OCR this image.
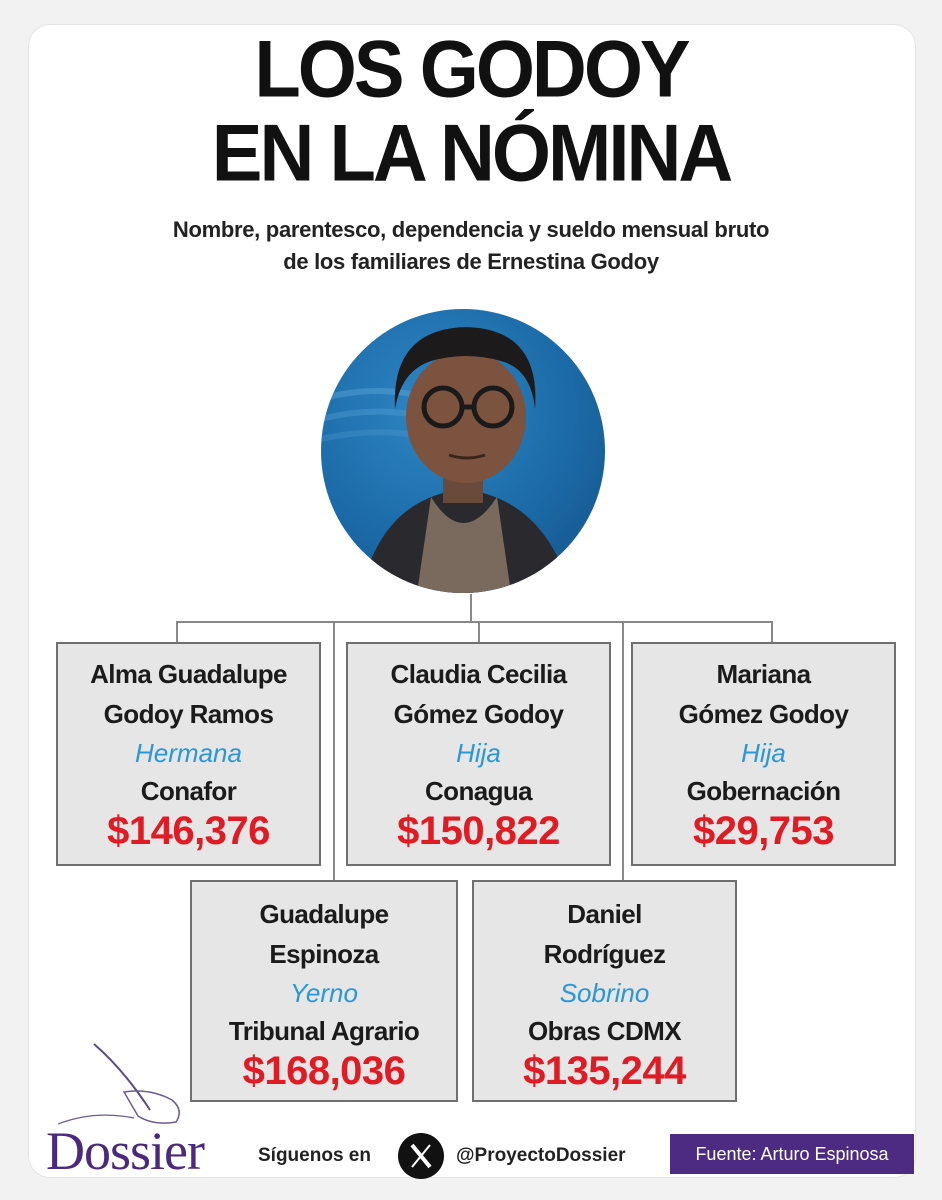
LOS GODOY
EN LA NÓMINA
Nombre, parentesco, dependencia y sueldo mensual bruto
de los familiares de Ernestina Godoy
Alma Guadalupe
Godoy Ramos
Hermana
Conafor
$146,376
Claudia Cecilia
Gómez Godoy
Hija
Conagua
$150,822
Mariana
Gómez Godoy
Hija
Gobernación
$29,753
Guadalupe
Espinoza
Yerno
Tribunal Agrario
$168,036
Daniel
Rodríguez
Sobrino
Obras CDMX
$135,244
Dossier	Síguenos en	@ProyectoDossier	Fuente: Arturo Espinosa
